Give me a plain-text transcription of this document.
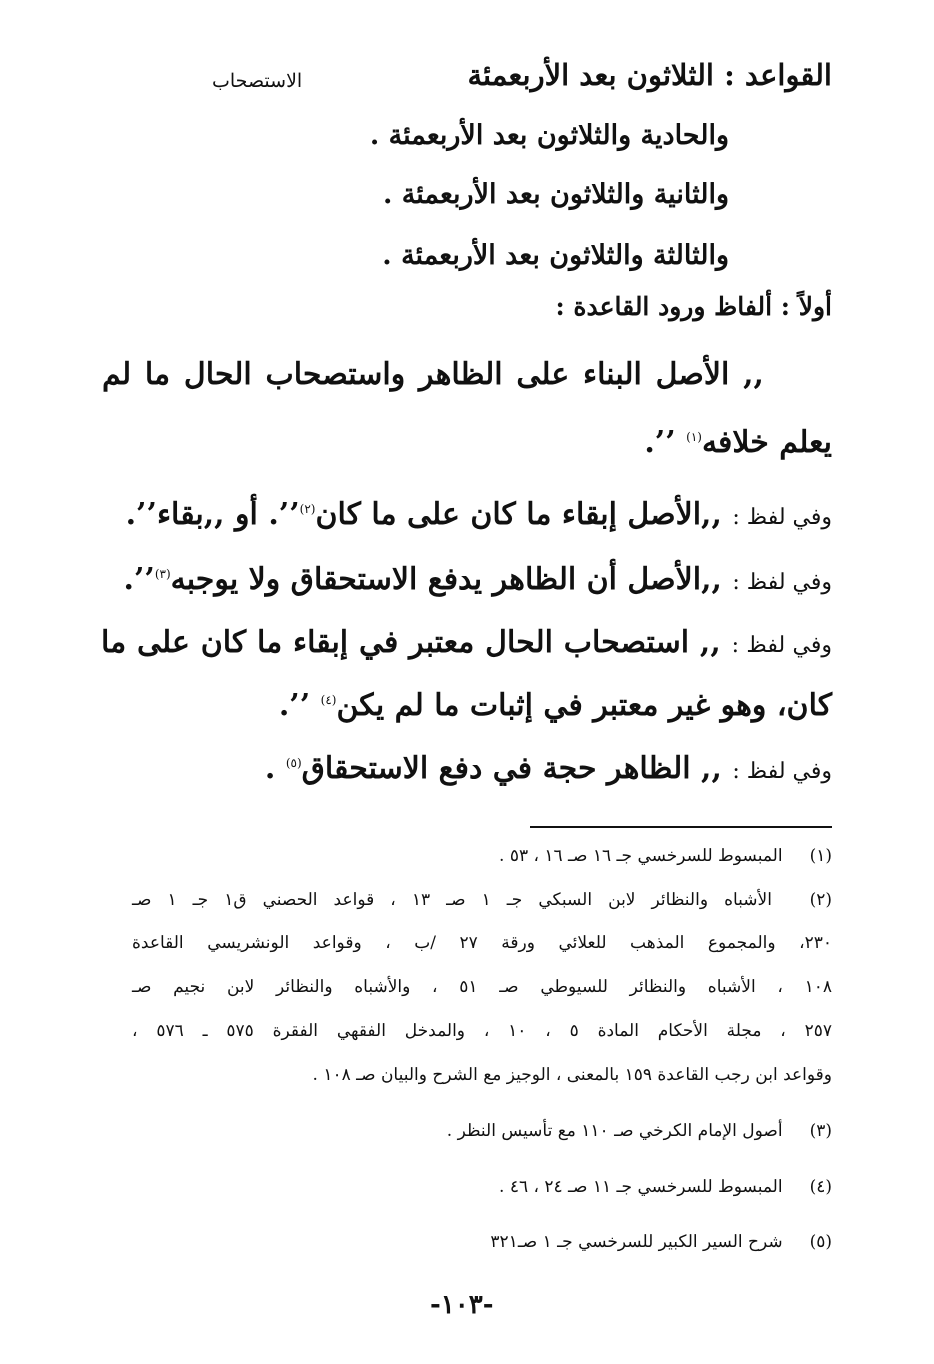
القواعد : الثلاثون بعد الأربعمئة
الاستصحاب
والحادية والثلاثون بعد الأربعمئة .
والثانية والثلاثون بعد الأربعمئة .
والثالثة والثلاثون بعد الأربعمئة .
أولاً : ألفاظ ورود القاعدة :
,, الأصل البناء على الظاهر واستصحاب الحال ما لم
يعلم خلافه$^{(١)}$ ’’.
وفي لفظ : ,,الأصل إبقاء ما كان على ما كان$^{(٢)}$’’. أو ,,بقاء’’.
وفي لفظ : ,,الأصل أن الظاهر يدفع الاستحقاق ولا يوجبه$^{(٣)}$’’.
وفي لفظ : ,, استصحاب الحال معتبر في إبقاء ما كان على ما
كان، وهو غير معتبر في إثبات ما لم يكن$^{(٤)}$ ’’.
وفي لفظ : ,, الظاهر حجة في دفع الاستحقاق$^{(٥)}$ .
(١) المبسوط للسرخسي جـ ١٦ صـ ١٦ ، ٥٣ .
(٢) الأشباه والنظائر لابن السبكي جـ ١ صـ ١٣ ، قواعد الحصني ق١ جـ ١ صـ
٢٣٠، والمجموع المذهب للعلائي ورقة ٢٧ /ب ، وقواعد الونشريسي القاعدة
١٠٨ ، الأشباه والنظائر للسيوطي صـ ٥١ ، والأشباه والنظائر لابن نجيم صـ
٢٥٧ ، مجلة الأحكام المادة ٥ ، ١٠ ، والمدخل الفقهي الفقرة ٥٧٥ ـ ٥٧٦ ،
وقواعد ابن رجب القاعدة ١٥٩ بالمعنى ، الوجيز مع الشرح والبيان صـ ١٠٨ .
(٣) أصول الإمام الكرخي صـ ١١٠ مع تأسيس النظر .
(٤) المبسوط للسرخسي جـ ١١ صـ ٢٤ ، ٤٦ .
(٥) شرح السير الكبير للسرخسي جـ ١ صـ٣٢١
-١٠٣-
